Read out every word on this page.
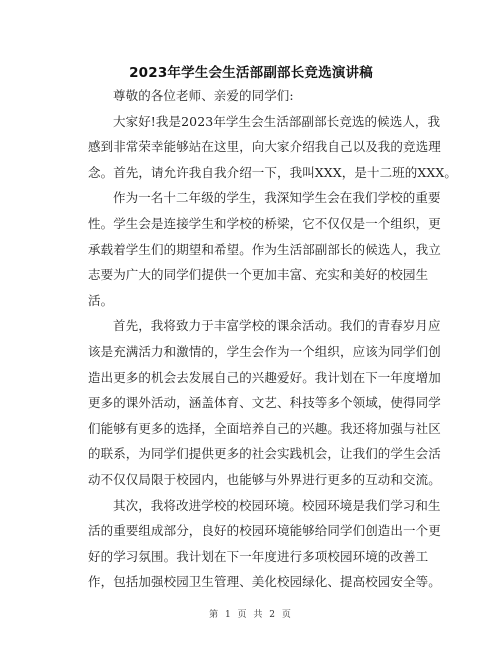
2023年学生会生活部副部长竞选演讲稿
尊敬的各位老师、亲爱的同学们:
大家好!我是2023年学生会生活部副部长竞选的候选人，我
感到非常荣幸能够站在这里，向大家介绍我自己以及我的竞选理
念。首先，请允许我自我介绍一下，我叫XXX，是十二班的XXX。
作为一名十二年级的学生，我深知学生会在我们学校的重要
性。学生会是连接学生和学校的桥梁，它不仅仅是一个组织，更
承载着学生们的期望和希望。作为生活部副部长的候选人，我立
志要为广大的同学们提供一个更加丰富、充实和美好的校园生
活。
首先，我将致力于丰富学校的课余活动。我们的青春岁月应
该是充满活力和激情的，学生会作为一个组织，应该为同学们创
造出更多的机会去发展自己的兴趣爱好。我计划在下一年度增加
更多的课外活动，涵盖体育、文艺、科技等多个领域，使得同学
们能够有更多的选择，全面培养自己的兴趣。我还将加强与社区
的联系，为同学们提供更多的社会实践机会，让我们的学生会活
动不仅仅局限于校园内，也能够与外界进行更多的互动和交流。
其次，我将改进学校的校园环境。校园环境是我们学习和生
活的重要组成部分，良好的校园环境能够给同学们创造出一个更
好的学习氛围。我计划在下一年度进行多项校园环境的改善工
作，包括加强校园卫生管理、美化校园绿化、提高校园安全等。
第 1 页 共 2 页
